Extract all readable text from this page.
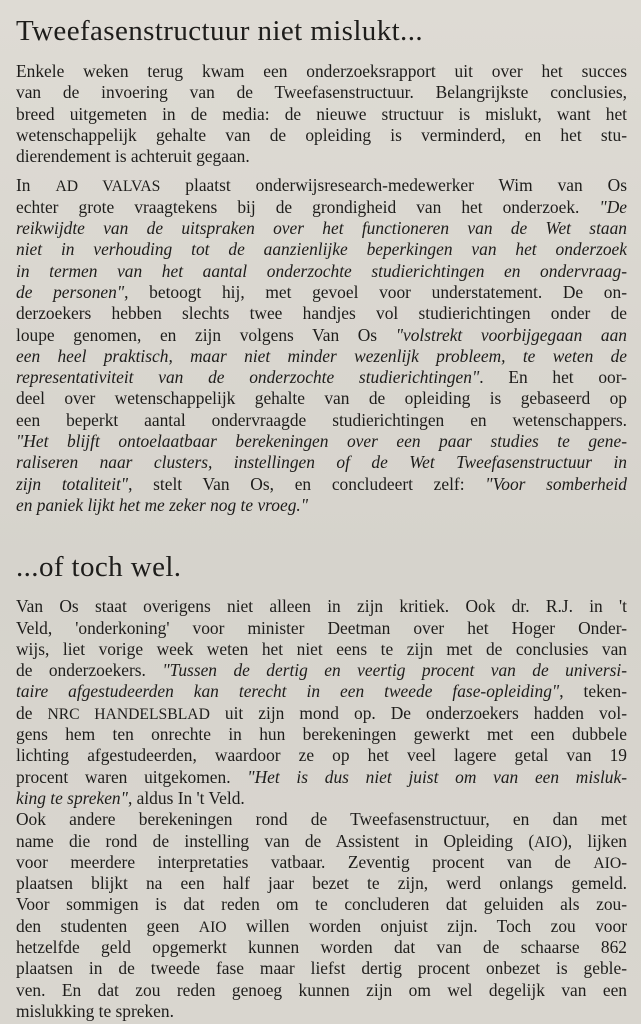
Tweefasenstructuur niet mislukt...
Enkele weken terug kwam een onderzoeksrapport uit over het succes
van de invoering van de Tweefasenstructuur. Belangrijkste conclusies,
breed uitgemeten in de media: de nieuwe structuur is mislukt, want het
wetenschappelijk gehalte van de opleiding is verminderd, en het stu-
dierendement is achteruit gegaan.
In AD VALVAS plaatst onderwijsresearch-medewerker Wim van Os
echter grote vraagtekens bij de grondigheid van het onderzoek. "De
reikwijdte van de uitspraken over het functioneren van de Wet staan
niet in verhouding tot de aanzienlijke beperkingen van het onderzoek
in termen van het aantal onderzochte studierichtingen en ondervraag-
de personen", betoogt hij, met gevoel voor understatement. De on-
derzoekers hebben slechts twee handjes vol studierichtingen onder de
loupe genomen, en zijn volgens Van Os "volstrekt voorbijgegaan aan
een heel praktisch, maar niet minder wezenlijk probleem, te weten de
representativiteit van de onderzochte studierichtingen". En het oor-
deel over wetenschappelijk gehalte van de opleiding is gebaseerd op
een beperkt aantal ondervraagde studierichtingen en wetenschappers.
"Het blijft ontoelaatbaar berekeningen over een paar studies te gene-
raliseren naar clusters, instellingen of de Wet Tweefasenstructuur in
zijn totaliteit", stelt Van Os, en concludeert zelf: "Voor somberheid
en paniek lijkt het me zeker nog te vroeg."
...of toch wel.
Van Os staat overigens niet alleen in zijn kritiek. Ook dr. R.J. in 't
Veld, 'onderkoning' voor minister Deetman over het Hoger Onder-
wijs, liet vorige week weten het niet eens te zijn met de conclusies van
de onderzoekers. "Tussen de dertig en veertig procent van de universi-
taire afgestudeerden kan terecht in een tweede fase-opleiding", teken-
de NRC HANDELSBLAD uit zijn mond op. De onderzoekers hadden vol-
gens hem ten onrechte in hun berekeningen gewerkt met een dubbele
lichting afgestudeerden, waardoor ze op het veel lagere getal van 19
procent waren uitgekomen. "Het is dus niet juist om van een misluk-
king te spreken", aldus In 't Veld.
Ook andere berekeningen rond de Tweefasenstructuur, en dan met
name die rond de instelling van de Assistent in Opleiding (AIO), lijken
voor meerdere interpretaties vatbaar. Zeventig procent van de AIO-
plaatsen blijkt na een half jaar bezet te zijn, werd onlangs gemeld.
Voor sommigen is dat reden om te concluderen dat geluiden als zou-
den studenten geen AIO willen worden onjuist zijn. Toch zou voor
hetzelfde geld opgemerkt kunnen worden dat van de schaarse 862
plaatsen in de tweede fase maar liefst dertig procent onbezet is geble-
ven. En dat zou reden genoeg kunnen zijn om wel degelijk van een
mislukking te spreken.
